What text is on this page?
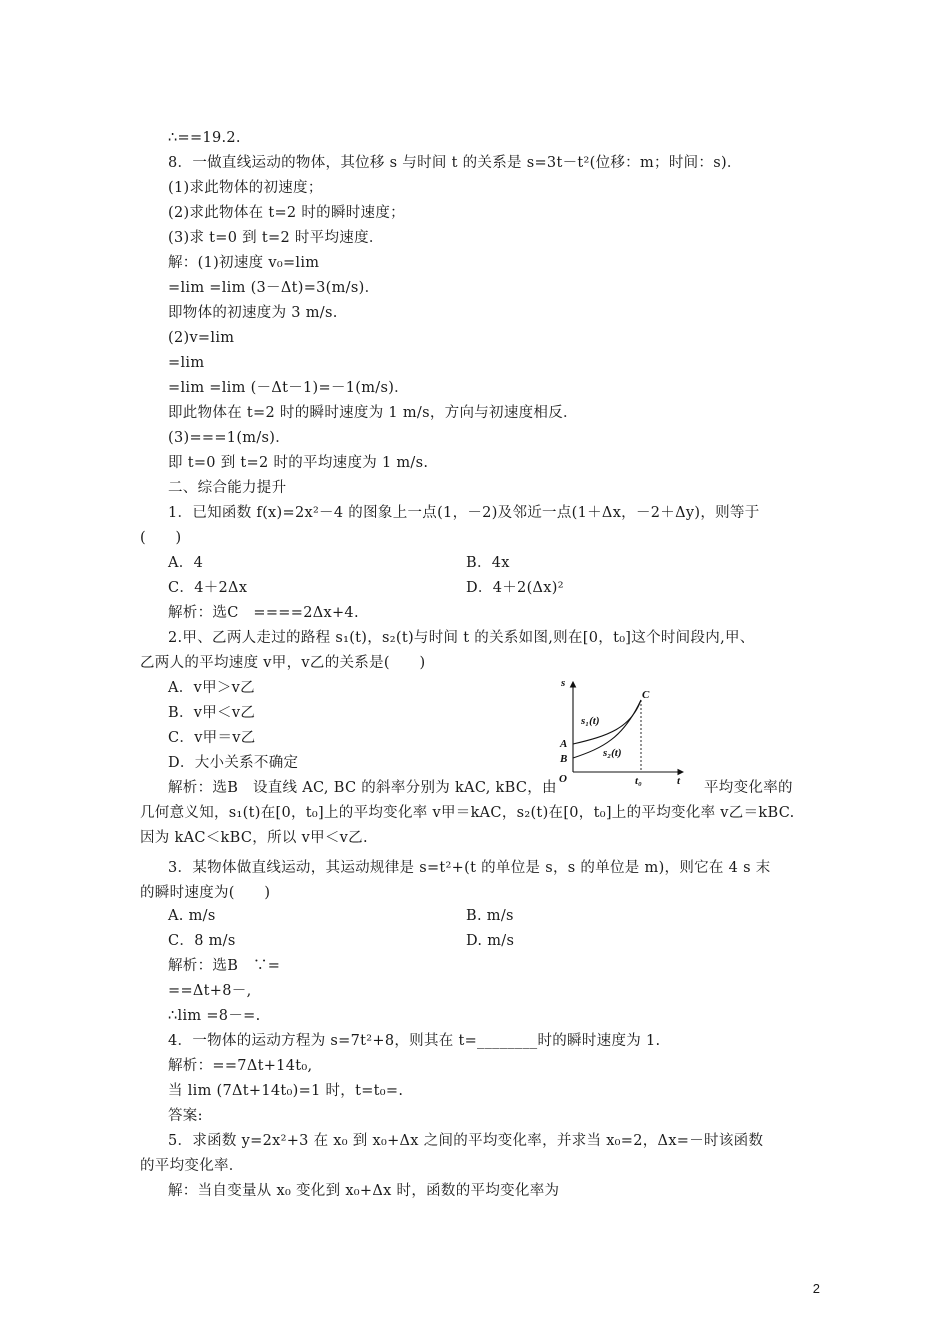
∴==19.2.
8．一做直线运动的物体，其位移 s 与时间 t 的关系是 s=3t－t²(位移：m；时间：s)．
(1)求此物体的初速度；
(2)求此物体在 t=2 时的瞬时速度；
(3)求 t=0 到 t=2 时平均速度．
解：(1)初速度 v₀=lim
=lim =lim (3－Δt)=3(m/s)．
即物体的初速度为 3 m/s.
(2)v=lim
=lim
=lim =lim (－Δt－1)=－1(m/s)．
即此物体在 t=2 时的瞬时速度为 1 m/s，方向与初速度相反．
(3)===1(m/s)．
即 t=0 到 t=2 时的平均速度为 1 m/s.
二、综合能力提升
1．已知函数 f(x)=2x²－4 的图象上一点(1，－2)及邻近一点(1＋Δx，－2＋Δy)，则等于
(　　)
A．4	B．4x
C．4＋2Δx	D．4＋2(Δx)²
解析：选C　====2Δx+4.
2.甲、乙两人走过的路程 s₁(t)，s₂(t)与时间 t 的关系如图,则在[0，t₀]这个时间段内,甲、
乙两人的平均速度 v甲，v乙的关系是(　　)
A．v甲＞v乙
B．v甲＜v乙
C．v甲＝v乙
D．大小关系不确定
解析：选B　设直线 AC, BC 的斜率分别为 kAC, kBC，由	平均变化率的
几何意义知，s₁(t)在[0，t₀]上的平均变化率 v甲＝kAC，s₂(t)在[0，t₀]上的平均变化率 v乙＝kBC.
因为 kAC＜kBC，所以 v甲＜v乙.
3．某物体做直线运动，其运动规律是 s=t²+(t 的单位是 s，s 的单位是 m)，则它在 4 s 末
的瞬时速度为(　　)
A. m/s	B. m/s
C．8 m/s	D. m/s
解析：选B　∵=
==Δt+8－,
∴lim =8－=.
4．一物体的运动方程为 s=7t²+8，则其在 t=________时的瞬时速度为 1.
解析：==7Δt+14t₀,
当 lim (7Δt+14t₀)=1 时，t=t₀=.
答案:
5．求函数 y=2x²+3 在 x₀ 到 x₀+Δx 之间的平均变化率，并求当 x₀=2，Δx=－时该函数
的平均变化率．
解：当自变量从 x₀ 变化到 x₀+Δx 时，函数的平均变化率为
s
t
O
A
B
C
s₁(t)
s₂(t)
t₀
2
